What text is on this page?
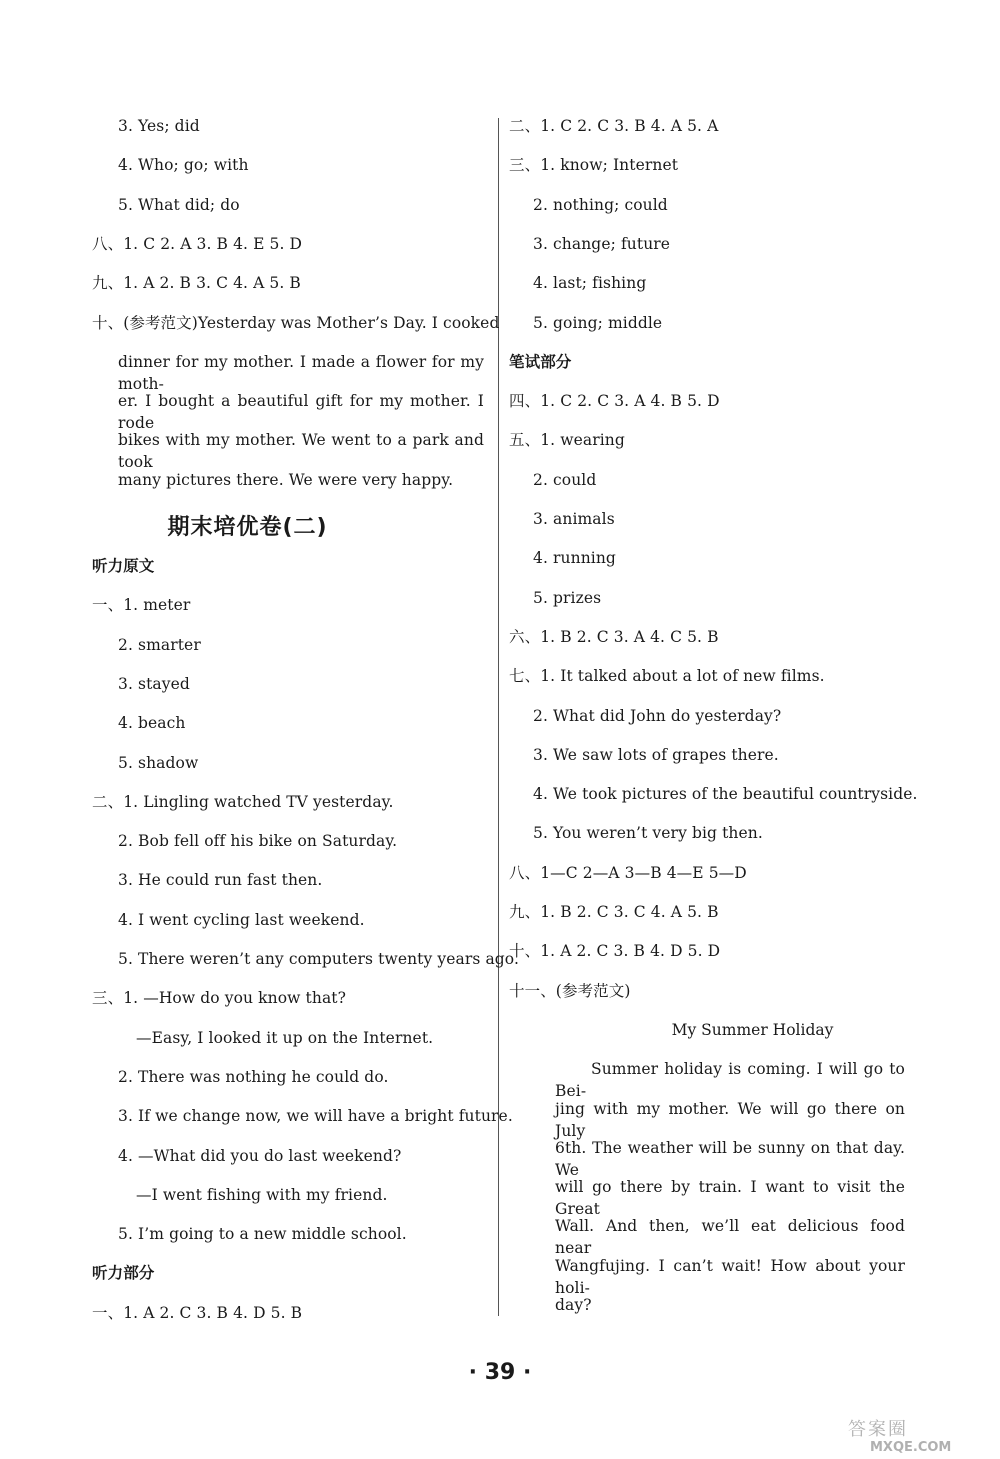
3. Yes; did
4. Who; go; with
5. What did; do
八、1. C 2. A 3. B 4. E 5. D
九、1. A 2. B 3. C 4. A 5. B
十、(参考范文) Yesterday was Mother’s Day. I cooked
dinner for my mother. I made a flower for my moth-
er. I bought a beautiful gift for my mother. I rode
bikes with my mother. We went to a park and took
many pictures there. We were very happy.
听力原文
一、1. meter
2. smarter
3. stayed
4. beach
5. shadow
二、1. Lingling watched TV yesterday.
2. Bob fell off his bike on Saturday.
3. He could run fast then.
4. I went cycling last weekend.
5. There weren’t any computers twenty years ago.
三、1. —How do you know that?
—Easy, I looked it up on the Internet.
2. There was nothing he could do.
3. If we change now, we will have a bright future.
4. —What did you do last weekend?
—I went fishing with my friend.
5. I’m going to a new middle school.
听力部分
一、1. A 2. C 3. B 4. D 5. B
二、1. C 2. C 3. B 4. A 5. A
三、1. know; Internet
2. nothing; could
3. change; future
4. last; fishing
5. going; middle
笔试部分
四、1. C 2. C 3. A 4. B 5. D
五、1. wearing
2. could
3. animals
4. running
5. prizes
六、1. B 2. C 3. A 4. C 5. B
七、1. It talked about a lot of new films.
2. What did John do yesterday?
3. We saw lots of grapes there.
4. We took pictures of the beautiful countryside.
5. You weren’t very big then.
八、1—C 2—A 3—B 4—E 5—D
九、1. B 2. C 3. C 4. A 5. B
十、1. A 2. C 3. B 4. D 5. D
十一、(参考范文)
My Summer Holiday
Summer holiday is coming. I will go to Bei-
jing with my mother. We will go there on July
6th. The weather will be sunny on that day. We
will go there by train. I want to visit the Great
Wall. And then, we’ll eat delicious food near
Wangfujing. I can’t wait! How about your holi-
day?
期末培优卷(二)
· 39 ·
答案圈
MXQE.COM
